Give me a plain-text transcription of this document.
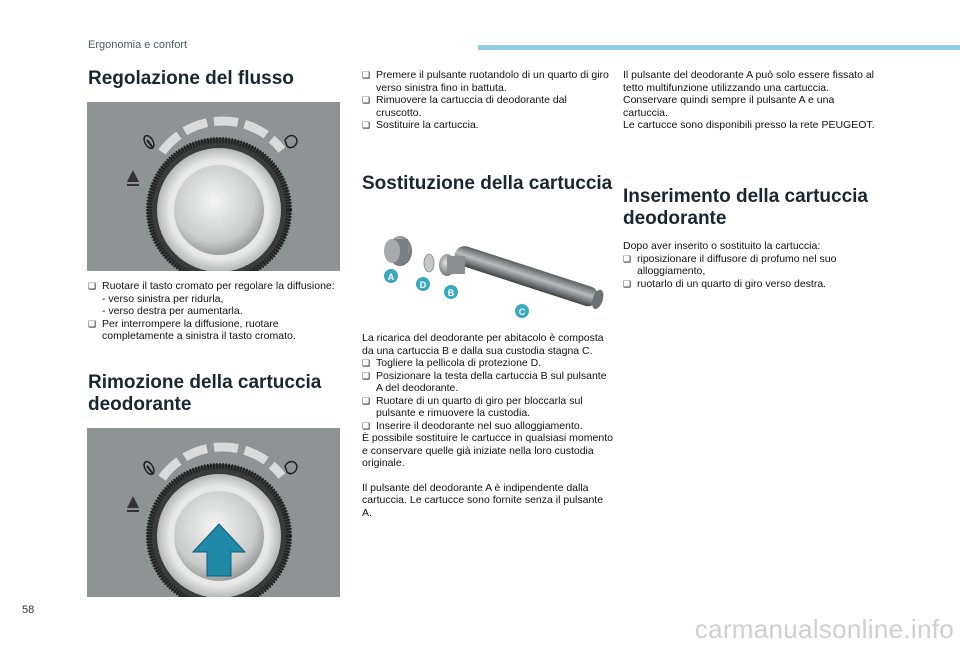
Ergonomia e confort
Regolazione del flusso
❑ Ruotare il tasto cromato per regolare la diffusione:
- verso sinistra per ridurla,
- verso destra per aumentarla.
❑ Per interrompere la diffusione, ruotare completamente a sinistra il tasto cromato.
Rimozione della cartuccia deodorante
❑ Premere il pulsante ruotandolo di un quarto di giro verso sinistra fino in battuta.
❑ Rimuovere la cartuccia di deodorante dal cruscotto.
❑ Sostituire la cartuccia.
Sostituzione della cartuccia
A
D
B
C
La ricarica del deodorante per abitacolo è composta da una cartuccia B e dalla sua custodia stagna C.
❑ Togliere la pellicola di protezione D.
❑ Posizionare la testa della cartuccia B sul pulsante A del deodorante.
❑ Ruotare di un quarto di giro per bloccarla sul pulsante e rimuovere la custodia.
❑ Inserire il deodorante nel suo alloggiamento.
È possibile sostituire le cartucce in qualsiasi momento e conservare quelle già iniziate nella loro custodia originale.
Il pulsante del deodorante A è indipendente dalla cartuccia. Le cartucce sono fornite senza il pulsante A.
Il pulsante del deodorante A può solo essere fissato al tetto multifunzione utilizzando una cartuccia.
Conservare quindi sempre il pulsante A e una cartuccia.
Le cartucce sono disponibili presso la rete PEUGEOT.
Inserimento della cartuccia deodorante
Dopo aver inserito o sostituito la cartuccia:
❑ riposizionare il diffusore di profumo nel suo alloggiamento,
❑ ruotarlo di un quarto di giro verso destra.
58
carmanualsonline.info
